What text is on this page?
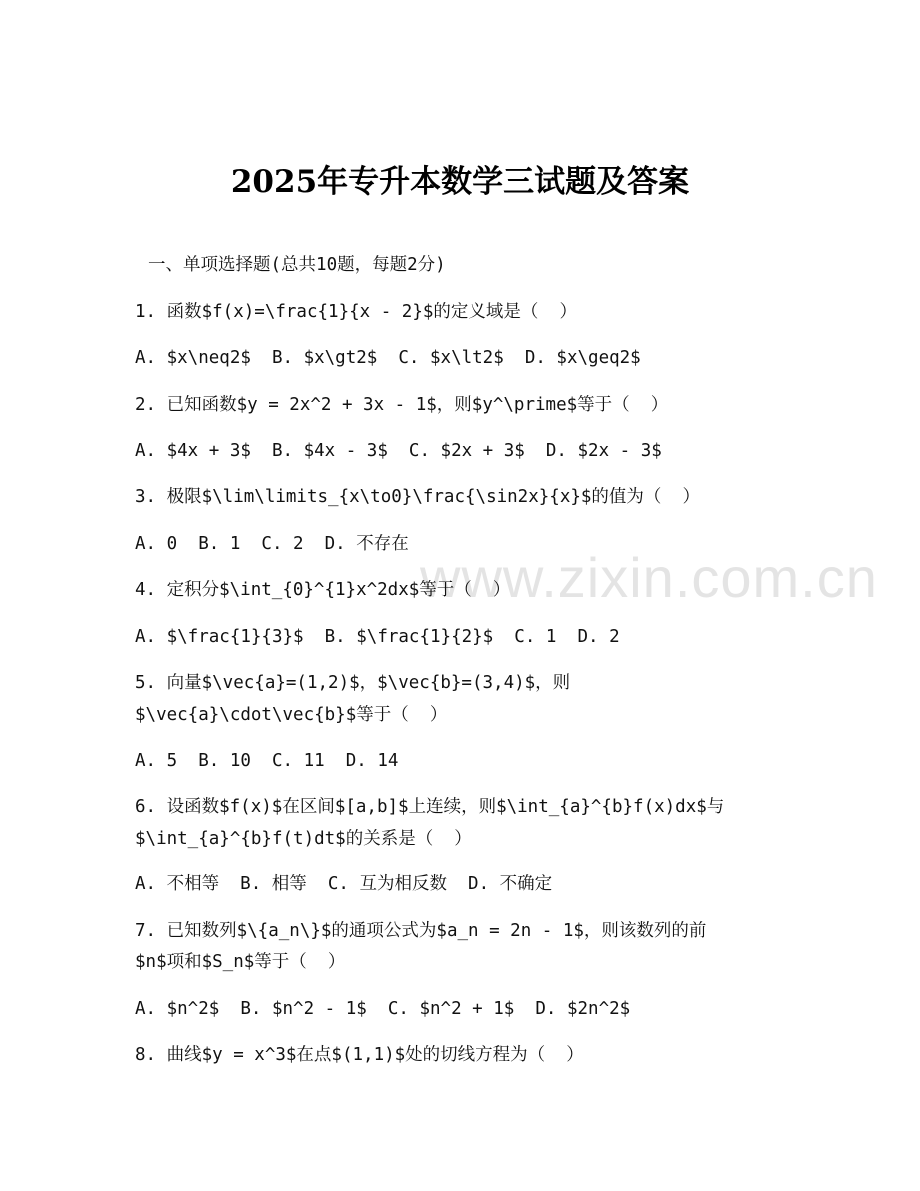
www.zixin.com.cn
2025年专升本数学三试题及答案
一、单项选择题(总共10题，每题2分)
1. 函数$f(x)=\frac{1}{x - 2}$的定义域是（  ）
A. $x\neq2$  B. $x\gt2$  C. $x\lt2$  D. $x\geq2$
2. 已知函数$y = 2x^2 + 3x - 1$，则$y^\prime$等于（  ）
A. $4x + 3$  B. $4x - 3$  C. $2x + 3$  D. $2x - 3$
3. 极限$\lim\limits_{x\to0}\frac{\sin2x}{x}$的值为（  ）
A. 0  B. 1  C. 2  D. 不存在
4. 定积分$\int_{0}^{1}x^2dx$等于（  ）
A. $\frac{1}{3}$  B. $\frac{1}{2}$  C. 1  D. 2
5. 向量$\vec{a}=(1,2)$，$\vec{b}=(3,4)$，则
$\vec{a}\cdot\vec{b}$等于（  ）
A. 5  B. 10  C. 11  D. 14
6. 设函数$f(x)$在区间$[a,b]$上连续，则$\int_{a}^{b}f(x)dx$与
$\int_{a}^{b}f(t)dt$的关系是（  ）
A. 不相等  B. 相等  C. 互为相反数  D. 不确定
7. 已知数列$\{a_n\}$的通项公式为$a_n = 2n - 1$，则该数列的前
$n$项和$S_n$等于（  ）
A. $n^2$  B. $n^2 - 1$  C. $n^2 + 1$  D. $2n^2$
8. 曲线$y = x^3$在点$(1,1)$处的切线方程为（  ）
